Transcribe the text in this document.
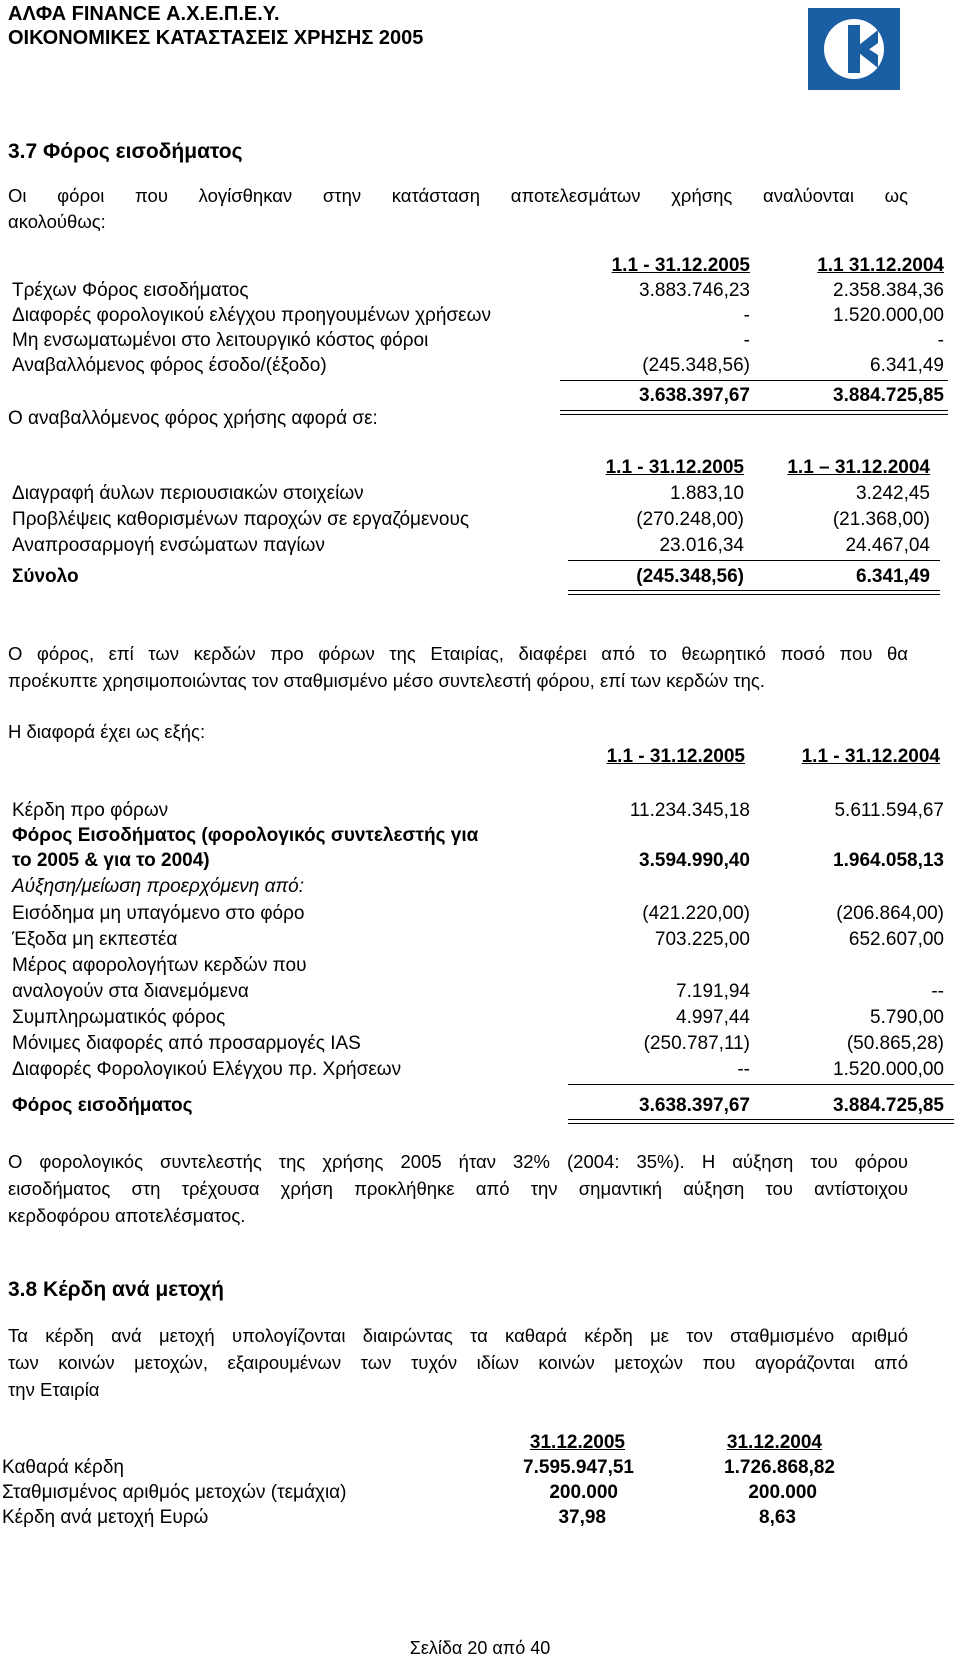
ΑΛΦΑ FINANCE Α.Χ.Ε.Π.Ε.Υ.
ΟΙΚΟΝΟΜΙΚΕΣ ΚΑΤΑΣΤΑΣΕΙΣ ΧΡΗΣΗΣ 2005
3.7 Φόρος εισοδήματος
Οι φόροι που λογίσθηκαν στην κατάσταση αποτελεσμάτων χρήσης αναλύονται ως
ακολούθως:
1.1 - 31.12.2005	1.1 31.12.2004
Τρέχων Φόρος εισοδήματος	3.883.746,23	2.358.384,36
Διαφορές φορολογικού ελέγχου προηγουμένων χρήσεων	-	1.520.000,00
Μη ενσωματωμένοι στο λειτουργικό κόστος φόροι	-	-
Αναβαλλόμενος φόρος έσοδο/(έξοδο)	(245.348,56)	6.341,49
3.638.397,67	3.884.725,85
Ο αναβαλλόμενος φόρος χρήσης αφορά σε:
1.1 - 31.12.2005 1.1 – 31.12.2004
Διαγραφή άυλων περιουσιακών στοιχείων	1.883,10	3.242,45
Προβλέψεις καθορισμένων παροχών σε εργαζόμενους	(270.248,00)	(21.368,00)
Αναπροσαρμογή ενσώματων παγίων	23.016,34	24.467,04
Σύνολο	(245.348,56)	6.341,49
Ο φόρος, επί των κερδών προ φόρων της Εταιρίας, διαφέρει από το θεωρητικό ποσό που θα
προέκυπτε χρησιμοποιώντας τον σταθμισμένο μέσο συντελεστή φόρου, επί των κερδών της.
Η διαφορά έχει ως εξής:
1.1 - 31.12.2005	1.1 - 31.12.2004
Κέρδη προ φόρων	11.234.345,18	5.611.594,67
Φόρος Εισοδήματος (φορολογικός συντελεστής για
το 2005 & για το 2004)	3.594.990,40	1.964.058,13
Αύξηση/μείωση προερχόμενη από:
Εισόδημα μη υπαγόμενο στο φόρο	(421.220,00)	(206.864,00)
Έξοδα μη εκπεστέα	703.225,00	652.607,00
Μέρος αφορολογήτων κερδών που
αναλογούν στα διανεμόμενα	7.191,94	--
Συμπληρωματικός φόρος	4.997,44	5.790,00
Μόνιμες διαφορές από προσαρμογές IAS	(250.787,11)	(50.865,28)
Διαφορές Φορολογικού Ελέγχου πρ. Χρήσεων	--	1.520.000,00
Φόρος εισοδήματος	3.638.397,67	3.884.725,85
Ο φορολογικός συντελεστής της χρήσης 2005 ήταν 32% (2004: 35%). Η αύξηση του φόρου
εισοδήματος στη τρέχουσα χρήση προκλήθηκε από την σημαντική αύξηση του αντίστοιχου
κερδοφόρου αποτελέσματος.
3.8 Κέρδη ανά μετοχή
Τα κέρδη ανά μετοχή υπολογίζονται διαιρώντας τα καθαρά κέρδη με τον σταθμισμένο αριθμό
των κοινών μετοχών, εξαιρουμένων των τυχόν ιδίων κοινών μετοχών που αγοράζονται από
την Εταιρία
31.12.2005	31.12.2004
Καθαρά κέρδη	7.595.947,51	1.726.868,82
Σταθμισμένος αριθμός μετοχών (τεμάχια)	200.000	200.000
Κέρδη ανά μετοχή Ευρώ	37,98	8,63
Σελίδα 20 από 40
